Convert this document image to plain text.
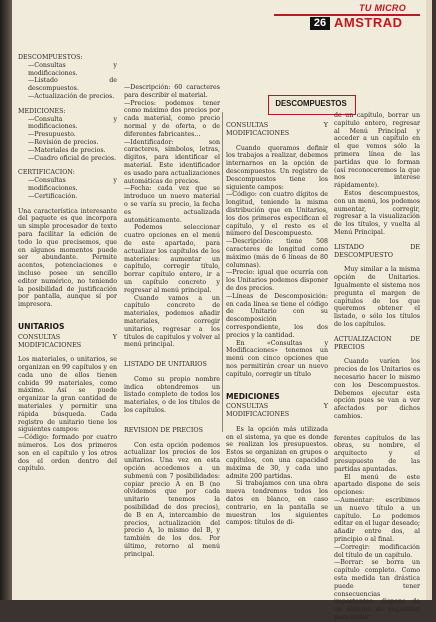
TU MICRO
26 AMSTRAD

DESCOMPUESTOS:

—Consultas y modificaciones.

—Listado de descompuestos.

—Actualización de precios.

MEDICIONES:

—Consulta y modificaciones.

—Presupuesto.

—Revisión de precios.

—Materiales de precios.

—Cuadro oficial de precios.

CERTIFICACION:

—Consultas y modificaciones.

—Certificación.

Una característica interesante del paquete es que incorpora un simple procesador de texto para facilitar la edición de todo lo que precisemos, que en algunos momentos puede ser abundante. Permite acentos, potenciaciones e incluso posee un sencillo editor numérico, no teniendo la posibilidad de justificación por pantalla, aunque sí por impresora.

UNITARIOS

CONSULTAS Y MODIFICACIONES

Los materiales, o unitarios, se organizan en 99 capítulos y en cada uno de ellos tienen cabida 99 materiales, como máximo. Así se puede organizar la gran cantidad de materiales y permitir una rápida búsqueda. Cada registro de unitario tiene los siguientes campos:

—Código: formado por cuatro números. Los dos primeros son en el capítulo y los otros dos el orden dentro del capítulo.

—Descripción: 60 caracteres para describir el material.

—Precios: podemos tener como máximo dos precios por cada material, como precio normal y de oferta, o de diferentes fabricantes...

—Identificador: son caracteres, símbolos, letras, dígitos, para identificar el material. Este identificador es usado para actualizaciones automáticas de precios.

—Fecha: cada vez que se introduce un nuevo material o se varía su precio, la fecha es actualizada automáticamente.

Podemos seleccionar cuatro opciones en el menú de este apartado, para actualizar los capítulos de los materiales: aumentar un capítulo, corregir título, borrar capítulo entero, ir a un capítulo concreto y regresar al menú principal.

Cuando vamos a un capítulo concreto de materiales, podemos añadir materiales, corregir unitarios, regresar a los títulos de capítulos y volver al menú principal.

LISTADO DE UNITARIOS

Como su propio nombre indica obtendremos un listado completo de todos los materiales, o de los títulos de los capítulos.

REVISION DE PRECIOS

Con esta opción podemos actualizar los precios de los unitarios. Una vez en esta opción accedemos a un submenú con 7 posibilidades: copiar precio A en B (no olvidemos que por cada unitario tenemos la posibilidad de dos precios), de B en A, intercambio de precios, actualización del precio A, lo mismo del B, y también de los dos. Por último, retorno al menú principal.

DESCOMPUESTOS

CONSULTAS Y MODIFICACIONES

Cuando queramos definir los trabajos a realizar, debemos internarnos en la opción de descompuestos. Un registro de Descompuestos tiene los siguiente campos:

—Código: con cuatro dígitos de longitud, teniendo la misma distribución que en Unitarios, los dos primeros especifican el capítulo, y el resto es el número del Descompuesto.

—Descripción: tiene 508 caracteres de longitud como máximo (más de 6 líneas de 80 columnas).

—Precio: igual que ocurría con los Unitarios podemos disponer de dos precios.

—Líneas de Descomposición: en cada línea se tiene el código de Unitario con su descomposición correspondiente, los dos precios y la cantidad.

En «Consultas y Modificaciones» tenemos un menú con cinco opciones que nos permitirán crear un nuevo capítulo, corregir un título

MEDICIONES

CONSULTAS Y MODIFICACIONES

Es la opción más utilizada en el sistema, ya que es donde se realizan los presupuestos. Estos se organizan en grupos o capítulos, con una capacidad máxima de 30, y cada uno admite 200 partidas.

Si trabajamos con una obra nueva tendremos todos los datos en blanco, en caso contrario, en la pantalla se muestran los siguientes campos: títulos de di-

de un capítulo, borrar un capítulo entero, regresar al Menú Principal y acceder a un capítulo en el que vemos sólo la primera línea de las partidas que lo forman (así reconoceremos la que nos interese rápidamente).

Estos descompuestos, con un menú, los podemos aumentar, corregir, regresar a la visualización de los títulos, y vuelta al Menú Principal.

LISTADO DE DESCOMPUESTO

Muy similar a la misma opción de Unitarios. Igualmente el sistema nos pregunta el margen de capítulos de los que queremos obtener el listado, o sólo los títulos de los capítulos.

ACTUALIZACION DE PRECIOS

Cuando varíen los precios de los Unitarios es necesario hacer lo mismo con los Descompuestos. Debemos ejecutar esta opción pues se van a ver afectados por dichos cambios.

ferentes capítulos de las obras, su nombre, el arquitecto y el presupuesto de las partidas apuntadas.

El menú de este apartado dispone de seis opciones:

—Aumentar: escribimos un nuevo título a un capítulo. Lo podemos editar en el lugar deseado; añadir entre dos, al principio o al final.

—Corregir: modificación del título de un capítulo.

—Borrar: se borra un capítulo completo. Como esta medida tan drástica puede tener consecuencias importantes, dispone de un sistema de seguridad para evitar
